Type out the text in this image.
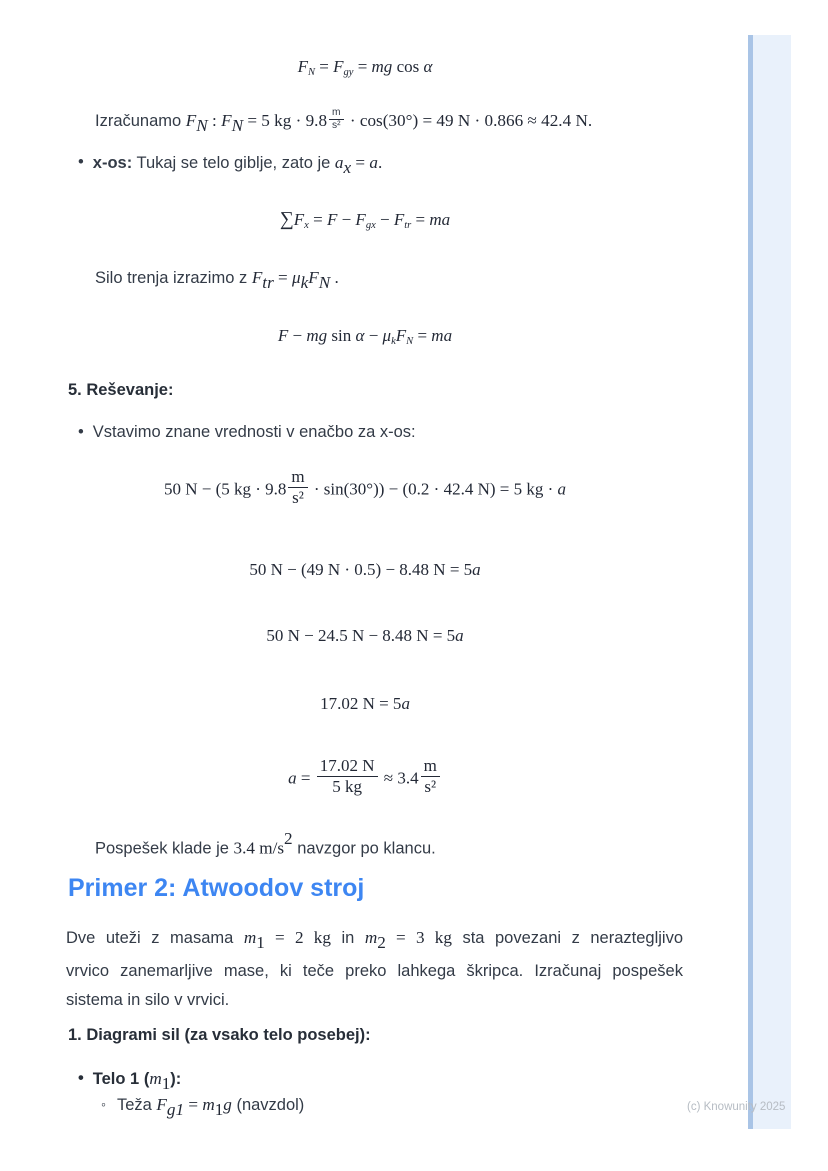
FN = Fgy = mg cos α
Izračunamo FN : FN = 5 kg · $9.8 \frac{m}{\text{s²}} \cdot \cos(30^\circ) = 49$ N · 0.866 ≈ 42.4 N.
• x-os: Tukaj se telo giblje, zato je ax = a.
∑Fx = F − Fgx − Ftr = ma
Silo trenja izrazimo z Ftr = μkFN .
F − mg sin α − μkFN = ma
5. Reševanje:
• Vstavimo znane vrednosti v enačbo za x-os:
50 N − (5 kg · $9.8 \frac{m}{\text{s²}} \cdot \sin(30^\circ)) - (0.2 \cdot 42.4$ N) = 5 kg · a
50 N − (49 N · 0.5) − 8.48 N = 5a
50 N − 24.5 N − 8.48 N = 5a
17.02 N = 5a
$a = \frac{17.02 N}{5 kg} \approx 3.4 \frac{m}{\text{s²}}$
Pospešek klade je 3.4 m/s2 navzgor po klancu.
Primer 2: Atwoodov stroj
Dve uteži z masama m1 = 2 kg in m2 = 3 kg sta povezani z neraztegljivo
vrvico zanemarljive mase, ki teče preko lahkega škripca. Izračunaj pospešek
sistema in silo v vrvici.
1. Diagrami sil (za vsako telo posebej):
• Telo 1 (m1):
◦ Teža Fg1 = m1g (navzdol)	(c) Knowunity 2025
